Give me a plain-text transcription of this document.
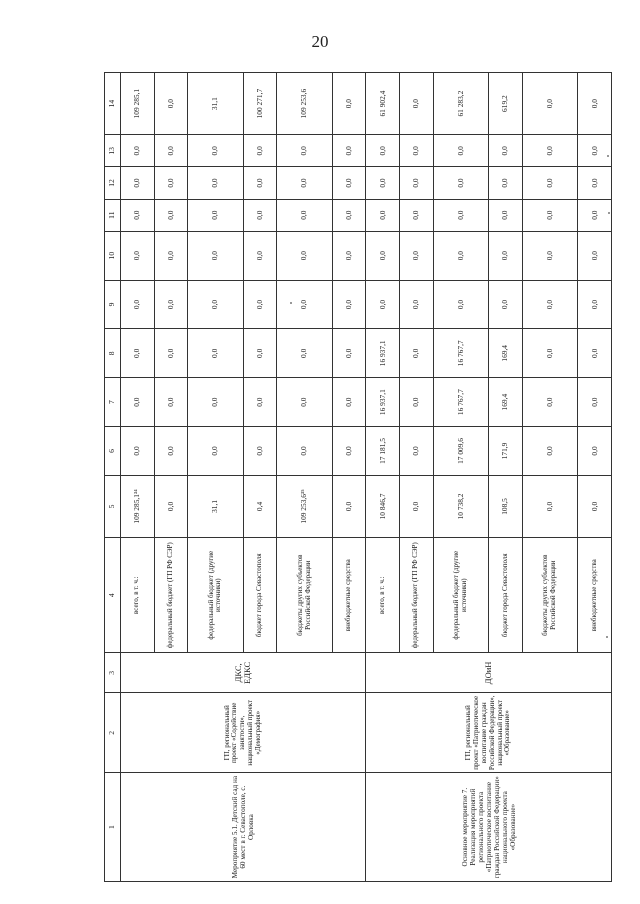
20
1	2	3	4	5	6	7	8	9	10	11	12	13	14
Мероприятие 5.1. Детский сад на 60 мест в г. Севастополе, с. Орловка	ГП, региональный проект «Содействие занятости», национальный проект «Демография»	ДКС, ЕДКС	всего, в т. ч.:	109 285,1³⁴	0,0	0,0	0,0	0,0	0,0	0,0	0,0	0,0	109 285,1
			федеральный бюджет (ГП РФ СЭР)	0,0	0,0	0,0	0,0	0,0	0,0	0,0	0,0	0,0	0,0
			федеральный бюджет (другие источники)	31,1	0,0	0,0	0,0	0,0	0,0	0,0	0,0	0,0	31,1
			бюджет города Севастополя	0,4	0,0	0,0	0,0	0,0	0,0	0,0	0,0	0,0	100 271,7
			бюджеты других субъектов Российской Федерации	109 253,6³⁵	0,0	0,0	0,0	0,0	0,0	0,0	0,0	0,0	109 253,6
			внебюджетные средства	0,0	0,0	0,0	0,0	0,0	0,0	0,0	0,0	0,0	0,0
Основное мероприятие 7. Реализация мероприятий регионального проекта «Патриотическое воспитание граждан Российской Федерации» национального проекта «Образование»	ГП, региональный проект «Патриотическое воспитание граждан Российской Федерации», национальный проект «Образование»	ДОиН	всего, в т. ч.:	10 846,7	17 181,5	16 937,1	16 937,1	0,0	0,0	0,0	0,0	0,0	61 902,4
			федеральный бюджет (ГП РФ СЭР)	0,0	0,0	0,0	0,0	0,0	0,0	0,0	0,0	0,0	0,0
			федеральный бюджет (другие источники)	10 738,2	17 009,6	16 767,7	16 767,7	0,0	0,0	0,0	0,0	0,0	61 283,2
			бюджет города Севастополя	108,5	171,9	169,4	169,4	0,0	0,0	0,0	0,0	0,0	619,2
			бюджеты других субъектов Российской Федерации	0,0	0,0	0,0	0,0	0,0	0,0	0,0	0,0	0,0	0,0
			внебюджетные средства	0,0	0,0	0,0	0,0	0,0	0,0	0,0	0,0	0,0	0,0
